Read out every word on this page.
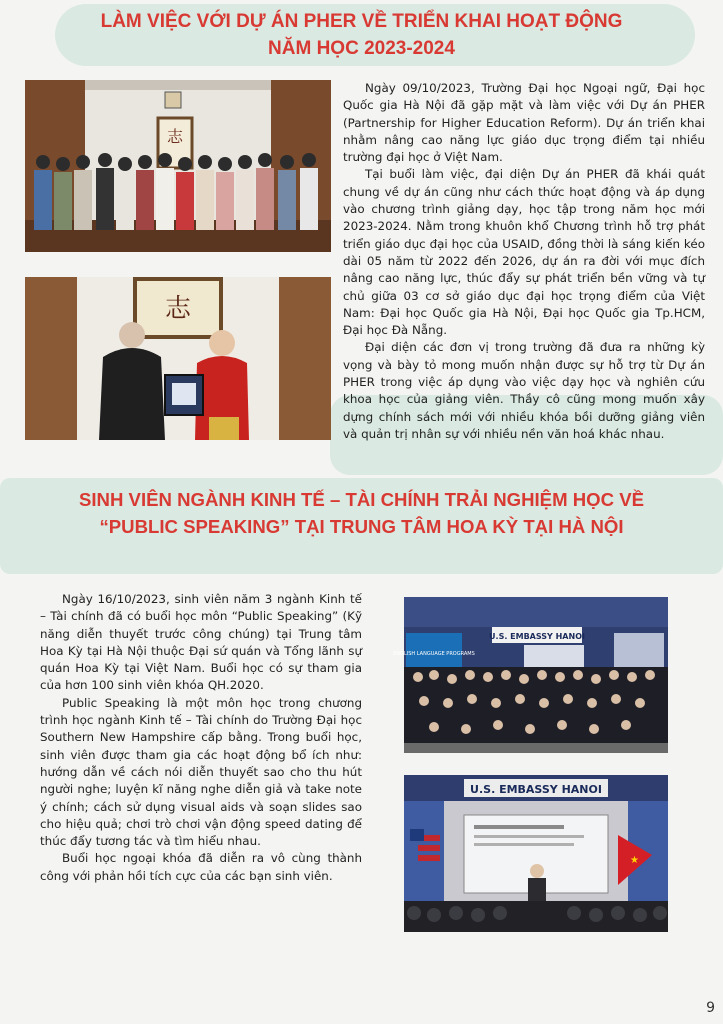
LÀM VIỆC VỚI DỰ ÁN PHER VỀ TRIỂN KHAI HOẠT ĐỘNG
NĂM HỌC 2023-2024
志
志

Ngày 09/10/2023, Trường Đại học Ngoại ngữ, Đại học Quốc gia Hà Nội đã gặp mặt và làm việc với Dự án PHER (Partnership for Higher Education Reform). Dự án triển khai nhằm nâng cao năng lực giáo dục trọng điểm tại nhiều trường đại học ở Việt Nam.

Tại buổi làm việc, đại diện Dự án PHER đã khái quát chung về dự án cũng như cách thức hoạt động và áp dụng vào chương trình giảng dạy, học tập trong năm học mới 2023-2024. Nằm trong khuôn khổ Chương trình hỗ trợ phát triển giáo dục đại học của USAID, đồng thời là sáng kiến kéo dài 05 năm từ 2022 đến 2026, dự án ra đời với mục đích nâng cao năng lực, thúc đẩy sự phát triển bền vững và tự chủ giữa 03 cơ sở giáo dục đại học trọng điểm của Việt Nam: Đại học Quốc gia Hà Nội, Đại học Quốc gia Tp.HCM, Đại học Đà Nẵng.

Đại diện các đơn vị trong trường đã đưa ra những kỳ vọng và bày tỏ mong muốn nhận được sự hỗ trợ từ Dự án PHER trong việc áp dụng vào việc dạy học và nghiên cứu khoa học của giảng viên. Thầy cô cũng mong muốn xây dựng chính sách mới với nhiều khóa bồi dưỡng giảng viên và quản trị nhân sự với nhiều nền văn hoá khác nhau.

SINH VIÊN NGÀNH KINH TẾ – TÀI CHÍNH TRẢI NGHIỆM HỌC VỀ
“PUBLIC SPEAKING” TẠI TRUNG TÂM HOA KỲ TẠI HÀ NỘI

Ngày 16/10/2023, sinh viên năm 3 ngành Kinh tế – Tài chính đã có buổi học môn “Public Speaking” (Kỹ năng diễn thuyết trước công chúng) tại Trung tâm Hoa Kỳ tại Hà Nội thuộc Đại sứ quán và Tổng lãnh sự quán Hoa Kỳ tại Việt Nam. Buổi học có sự tham gia của hơn 100 sinh viên khóa QH.2020.

Public Speaking là một môn học trong chương trình học ngành Kinh tế – Tài chính do Trường Đại học Southern New Hampshire cấp bằng. Trong buổi học, sinh viên được tham gia các hoạt động bổ ích như: hướng dẫn về cách nói diễn thuyết sao cho thu hút người nghe; luyện kĩ năng nghe diễn giả và take note ý chính; cách sử dụng visual aids và soạn slides sao cho hiệu quả; chơi trò chơi vận động speed dating để thúc đẩy tương tác và tìm hiểu nhau.

Buổi học ngoại khóa đã diễn ra vô cùng thành công với phản hồi tích cực của các bạn sinh viên.

U.S. EMBASSY HANOI
ENGLISH LANGUAGE PROGRAMS
U.S. EMBASSY HANOI
★
9
